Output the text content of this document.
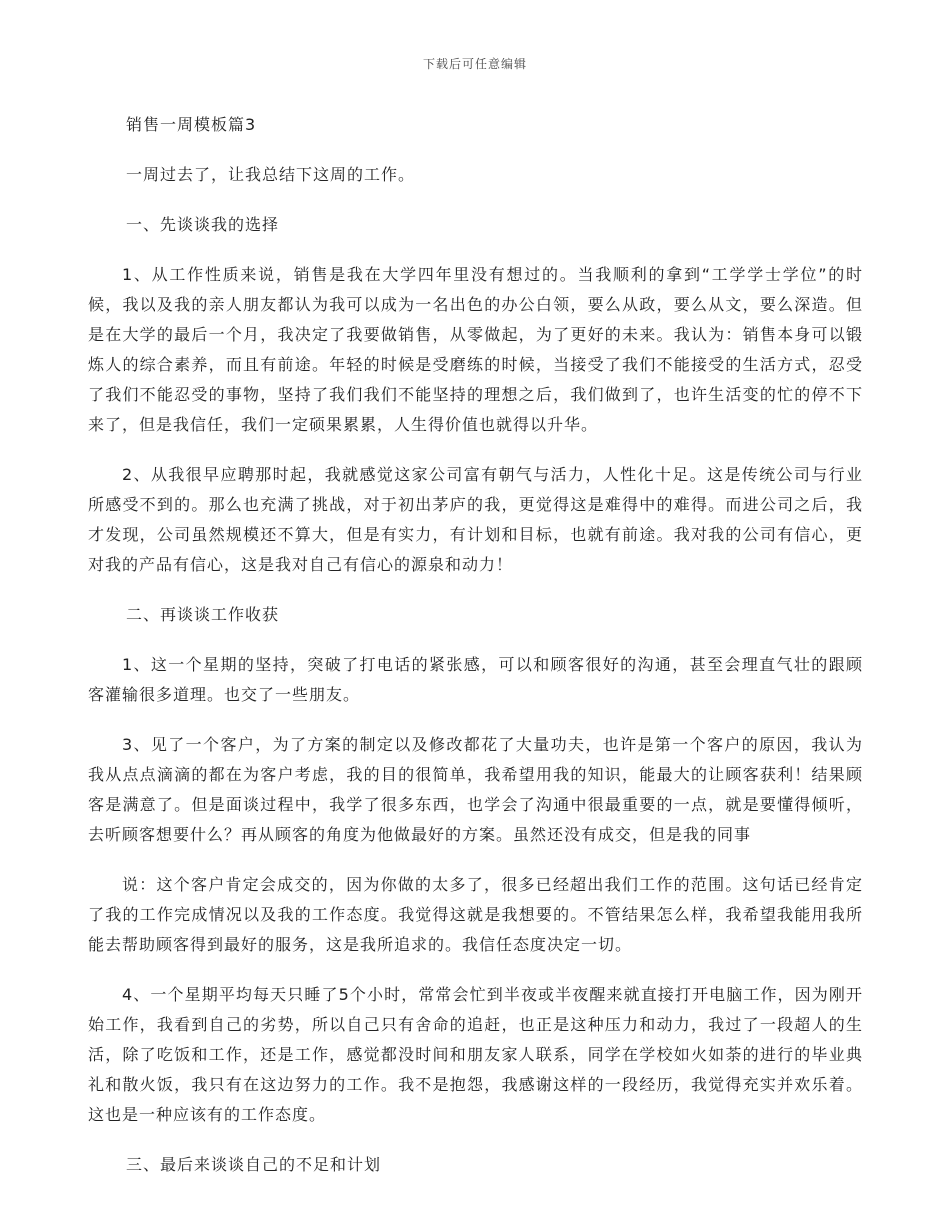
下载后可任意编辑
销售一周模板篇3
一周过去了，让我总结下这周的工作。
一、先谈谈我的选择

1、从工作性质来说，销售是我在大学四年里没有想过的。当我顺利的拿到“工学学士学位”的时候，我以及我的亲人朋友都认为我可以成为一名出色的办公白领，要么从政，要么从文，要么深造。但是在大学的最后一个月，我决定了我要做销售，从零做起，为了更好的未来。我认为：销售本身可以锻炼人的综合素养，而且有前途。年轻的时候是受磨练的时候，当接受了我们不能接受的生活方式，忍受了我们不能忍受的事物，坚持了我们我们不能坚持的理想之后，我们做到了，也许生活变的忙的停不下来了，但是我信任，我们一定硕果累累，人生得价值也就得以升华。

2、从我很早应聘那时起，我就感觉这家公司富有朝气与活力，人性化十足。这是传统公司与行业所感受不到的。那么也充满了挑战，对于初出茅庐的我，更觉得这是难得中的难得。而进公司之后，我才发现，公司虽然规模还不算大，但是有实力，有计划和目标，也就有前途。我对我的公司有信心，更对我的产品有信心，这是我对自己有信心的源泉和动力！

二、再谈谈工作收获

1、这一个星期的坚持，突破了打电话的紧张感，可以和顾客很好的沟通，甚至会理直气壮的跟顾客灌输很多道理。也交了一些朋友。

3、见了一个客户，为了方案的制定以及修改都花了大量功夫，也许是第一个客户的原因，我认为我从点点滴滴的都在为客户考虑，我的目的很简单，我希望用我的知识，能最大的让顾客获利！结果顾客是满意了。但是面谈过程中，我学了很多东西，也学会了沟通中很最重要的一点，就是要懂得倾听，去听顾客想要什么？再从顾客的角度为他做最好的方案。虽然还没有成交，但是我的同事

说：这个客户肯定会成交的，因为你做的太多了，很多已经超出我们工作的范围。这句话已经肯定了我的工作完成情况以及我的工作态度。我觉得这就是我想要的。不管结果怎么样，我希望我能用我所能去帮助顾客得到最好的服务，这是我所追求的。我信任态度决定一切。

4、一个星期平均每天只睡了5个小时，常常会忙到半夜或半夜醒来就直接打开电脑工作，因为刚开始工作，我看到自己的劣势，所以自己只有舍命的追赶，也正是这种压力和动力，我过了一段超人的生活，除了吃饭和工作，还是工作，感觉都没时间和朋友家人联系，同学在学校如火如荼的进行的毕业典礼和散火饭，我只有在这边努力的工作。我不是抱怨，我感谢这样的一段经历，我觉得充实并欢乐着。这也是一种应该有的工作态度。

三、最后来谈谈自己的不足和计划
